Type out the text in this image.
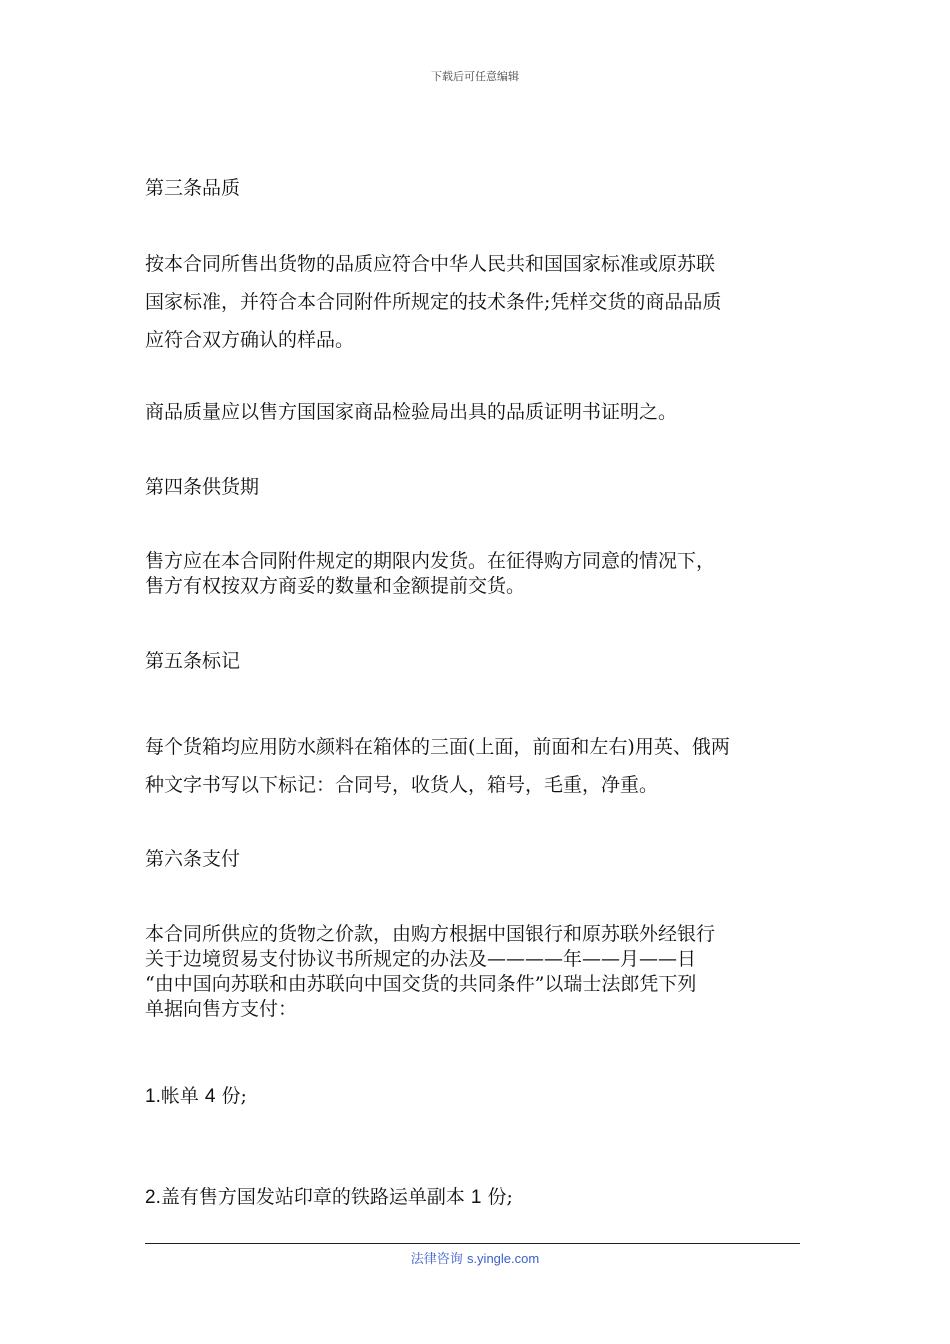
下载后可任意编辑
第三条品质

按本合同所售出货物的品质应符合中华人民共和国国家标准或原苏联
国家标准，并符合本合同附件所规定的技术条件;凭样交货的商品品质
应符合双方确认的样品。

商品质量应以售方国国家商品检验局出具的品质证明书证明之。

第四条供货期

售方应在本合同附件规定的期限内发货。在征得购方同意的情况下，
售方有权按双方商妥的数量和金额提前交货。

第五条标记

每个货箱均应用防水颜料在箱体的三面(上面，前面和左右)用英、俄两
种文字书写以下标记：合同号，收货人，箱号，毛重，净重。

第六条支付

本合同所供应的货物之价款，由购方根据中国银行和原苏联外经银行
关于边境贸易支付协议书所规定的办法及————年——月——日
“由中国向苏联和由苏联向中国交货的共同条件”以瑞士法郎凭下列
单据向售方支付：

1.帐单 4 份;

2.盖有售方国发站印章的铁路运单副本 1 份;

法律咨询 s.yingle.com
